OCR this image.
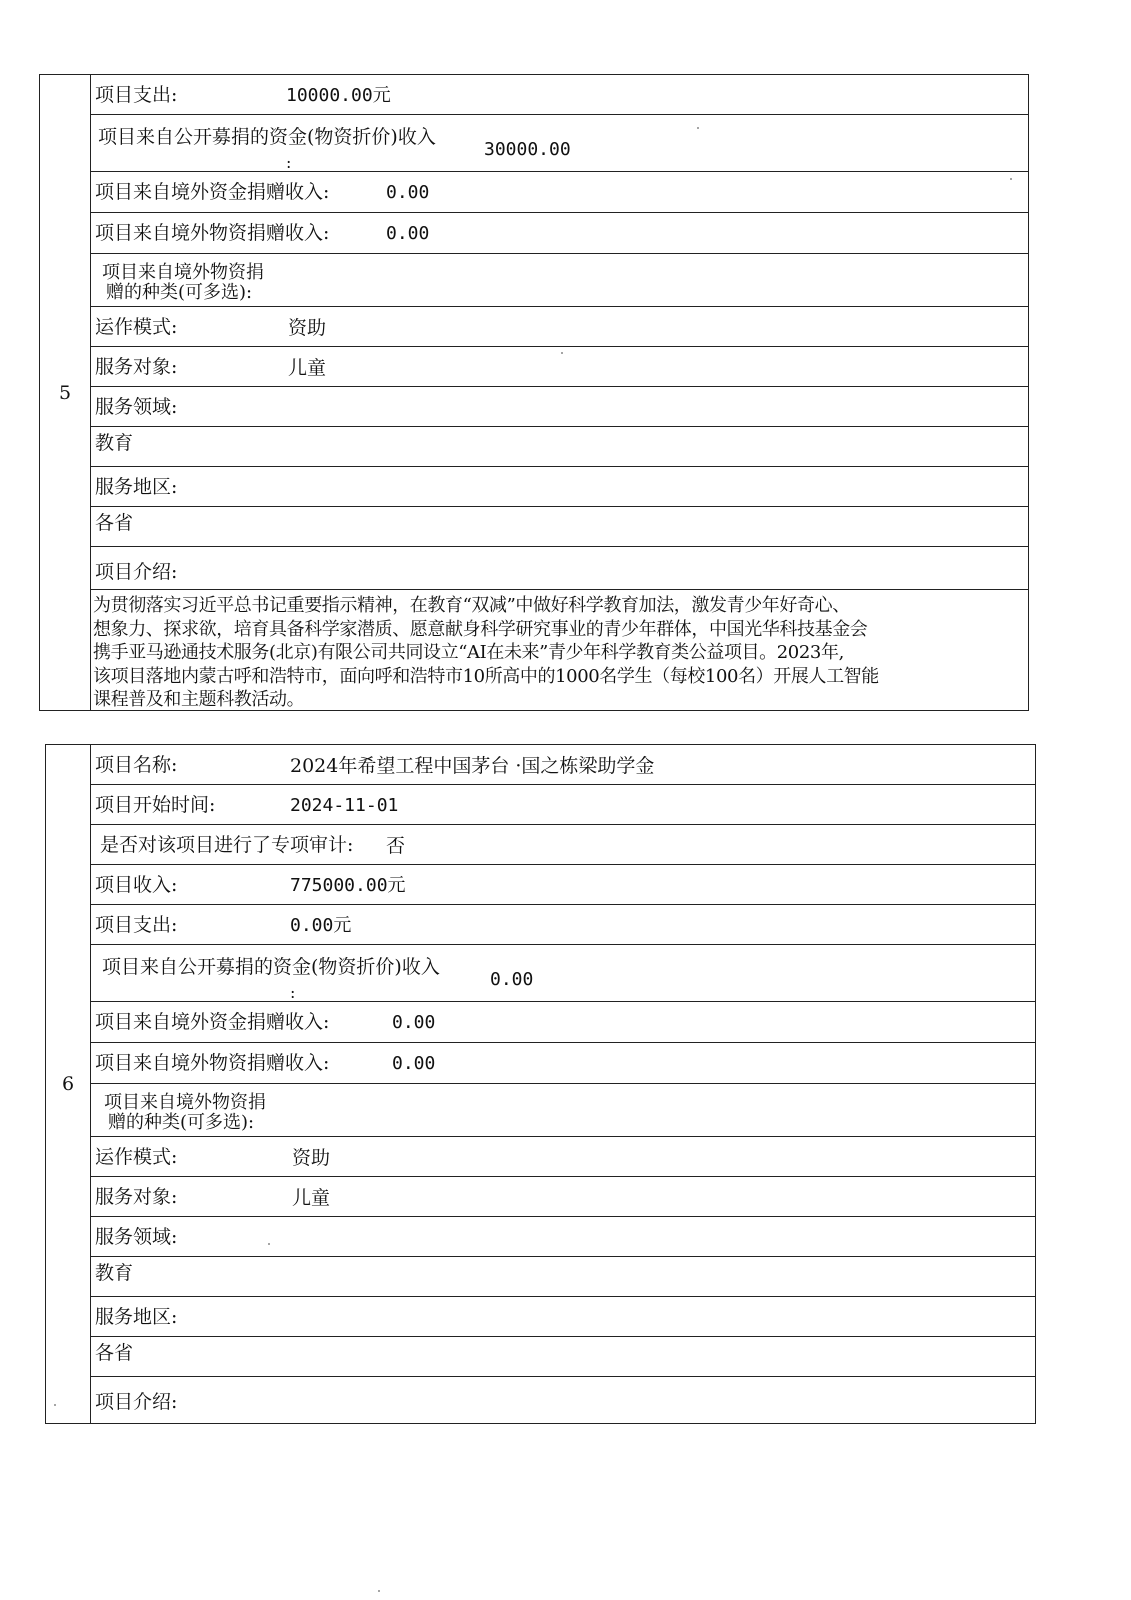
5
项目支出:	10000.00元
项目来自公开募捐的资金(物资折价)收入
:
30000.00
项目来自境外资金捐赠收入:	0.00
项目来自境外物资捐赠收入:	0.00
项目来自境外物资捐
赠的种类(可多选):
运作模式:	资助
服务对象:	儿童
服务领域:
教育
服务地区:
各省
项目介绍:
为贯彻落实习近平总书记重要指示精神，在教育“双减”中做好科学教育加法，激发青少年好奇心、
想象力、探求欲，培育具备科学家潜质、愿意献身科学研究事业的青少年群体，中国光华科技基金会
携手亚马逊通技术服务(北京)有限公司共同设立“AI在未来”青少年科学教育类公益项目。2023年,
该项目落地内蒙古呼和浩特市，面向呼和浩特市10所高中的1000名学生（每校100名）开展人工智能
课程普及和主题科教活动。
6
项目名称:	2024年希望工程中国茅台 ·国之栋梁助学金
项目开始时间:	2024-11-01
是否对该项目进行了专项审计: 否
项目收入:	775000.00元
项目支出:	0.00元
项目来自公开募捐的资金(物资折价)收入
:
0.00
项目来自境外资金捐赠收入:	0.00
项目来自境外物资捐赠收入:	0.00
项目来自境外物资捐
赠的种类(可多选):
运作模式:	资助
服务对象:	儿童
服务领域:
教育
服务地区:
各省
项目介绍:
